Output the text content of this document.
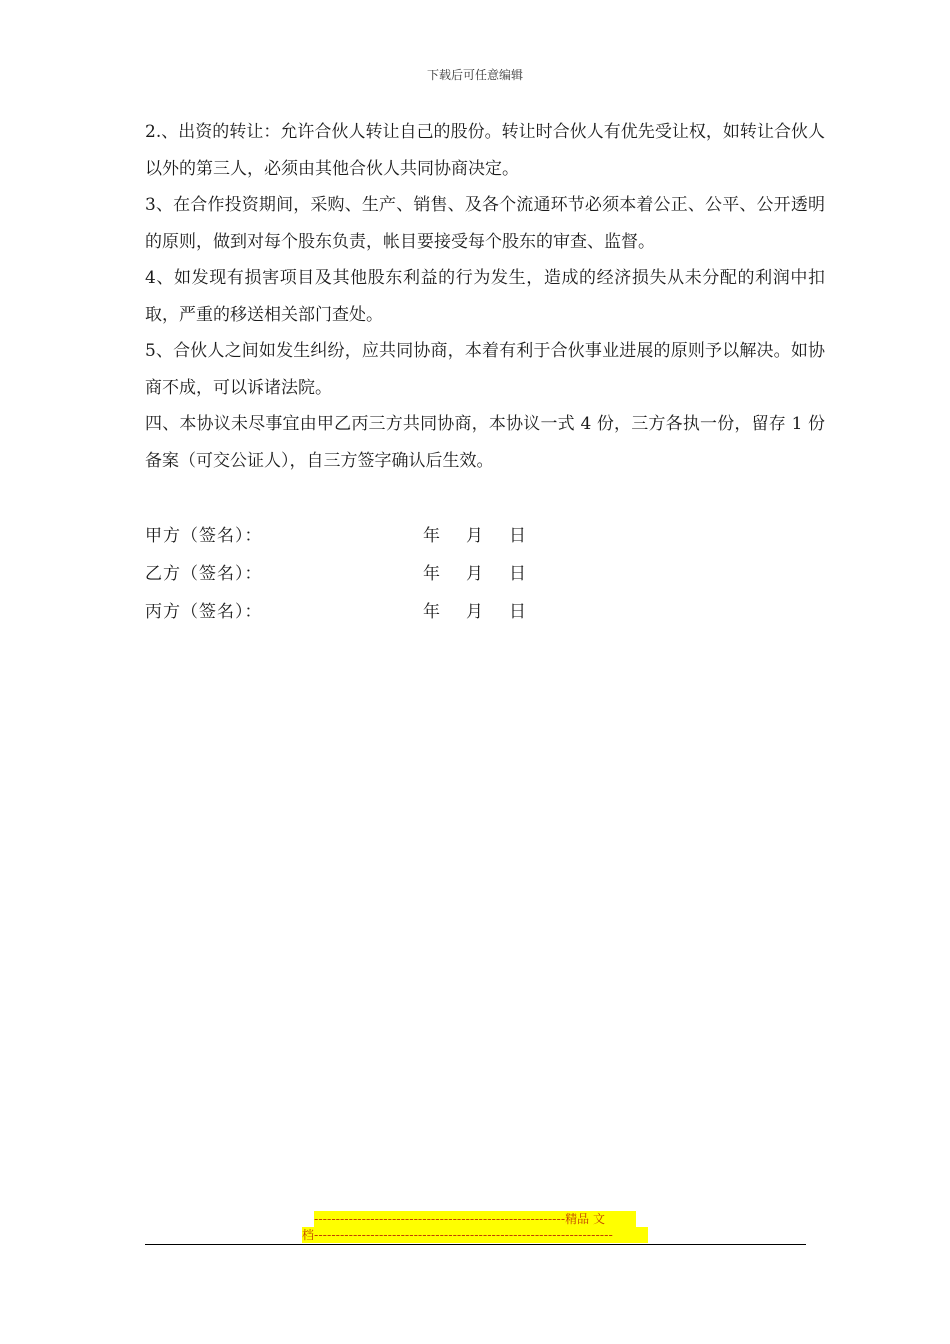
下载后可任意编辑

2.、出资的转让：允许合伙人转让自己的股份。转让时合伙人有优先受让权，如转让合伙人以外的第三人，必须由其他合伙人共同协商决定。

3、在合作投资期间，采购、生产、销售、及各个流通环节必须本着公正、公平、公开透明的原则，做到对每个股东负责，帐目要接受每个股东的审查、监督。

4、如发现有损害项目及其他股东利益的行为发生，造成的经济损失从未分配的利润中扣取，严重的移送相关部门查处。

5、合伙人之间如发生纠纷，应共同协商，本着有利于合伙事业进展的原则予以解决。如协商不成，可以诉诸法院。

四、本协议未尽事宜由甲乙丙三方共同协商，本协议一式 4 份，三方各执一份，留存 1 份备案（可交公证人），自三方签字确认后生效。

甲方（签名）：	年 月 日
乙方（签名）：	年 月 日
丙方（签名）：	年 月 日
----------------------------------------------------------精品 文
档---------------------------------------------------------------------
